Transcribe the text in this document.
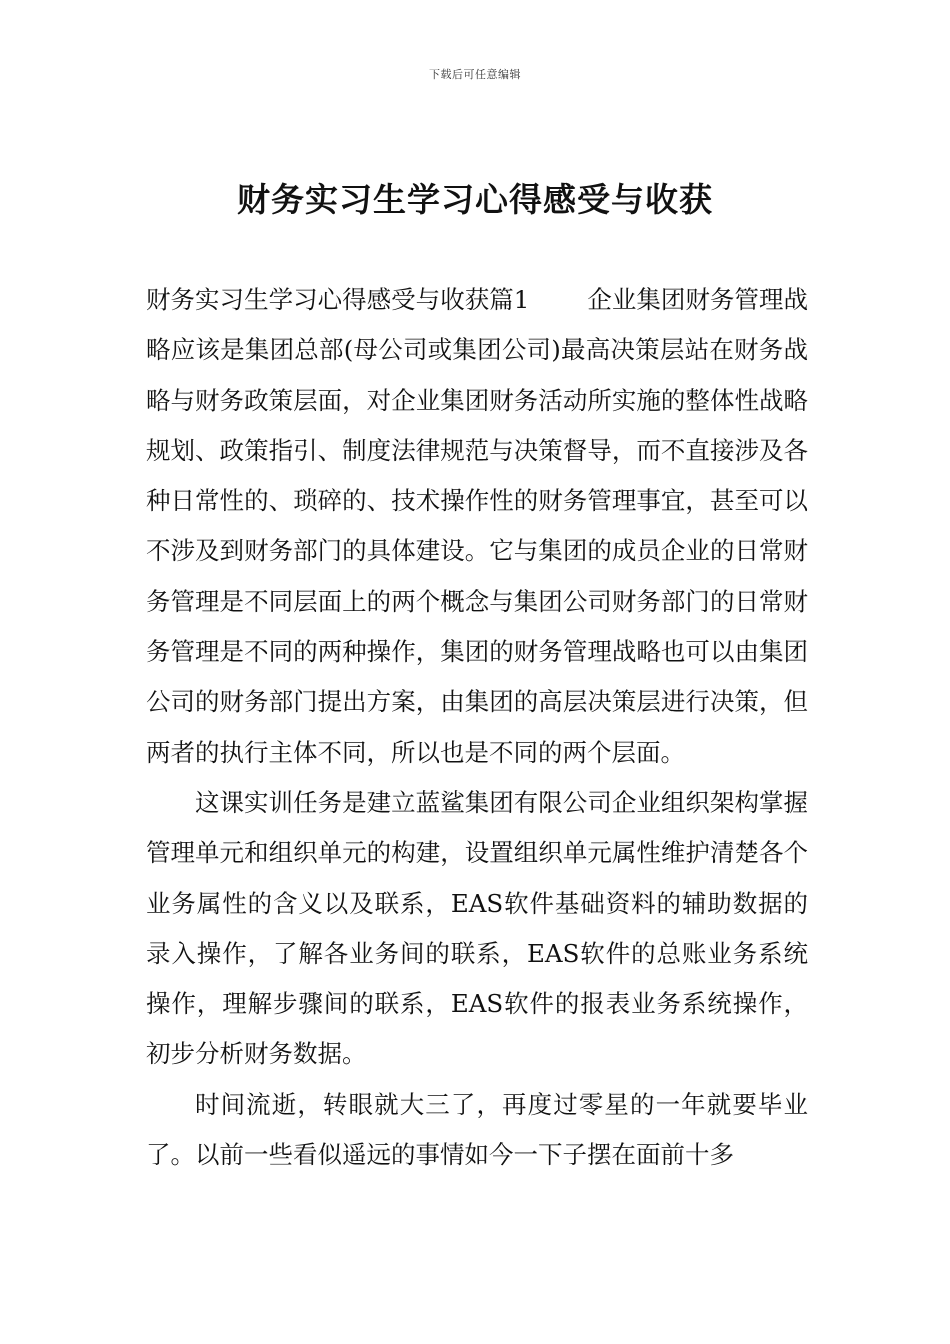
下载后可任意编辑
财务实习生学习心得感受与收获

财务实习生学习心得感受与收获篇1 企业集团财务管理战略应该是集团总部(母公司或集团公司)最高决策层站在财务战略与财务政策层面，对企业集团财务活动所实施的整体性战略规划、政策指引、制度法律规范与决策督导，而不直接涉及各种日常性的、琐碎的、技术操作性的财务管理事宜，甚至可以不涉及到财务部门的具体建设。它与集团的成员企业的日常财务管理是不同层面上的两个概念与集团公司财务部门的日常财务管理是不同的两种操作，集团的财务管理战略也可以由集团公司的财务部门提出方案，由集团的高层决策层进行决策，但两者的执行主体不同，所以也是不同的两个层面。

这课实训任务是建立蓝鲨集团有限公司企业组织架构掌握管理单元和组织单元的构建，设置组织单元属性维护清楚各个业务属性的含义以及联系，EAS软件基础资料的辅助数据的录入操作，了解各业务间的联系，EAS软件的总账业务系统操作，理解步骤间的联系，EAS软件的报表业务系统操作，初步分析财务数据。

时间流逝，转眼就大三了，再度过零星的一年就要毕业了。以前一些看似遥远的事情如今一下子摆在面前十多
